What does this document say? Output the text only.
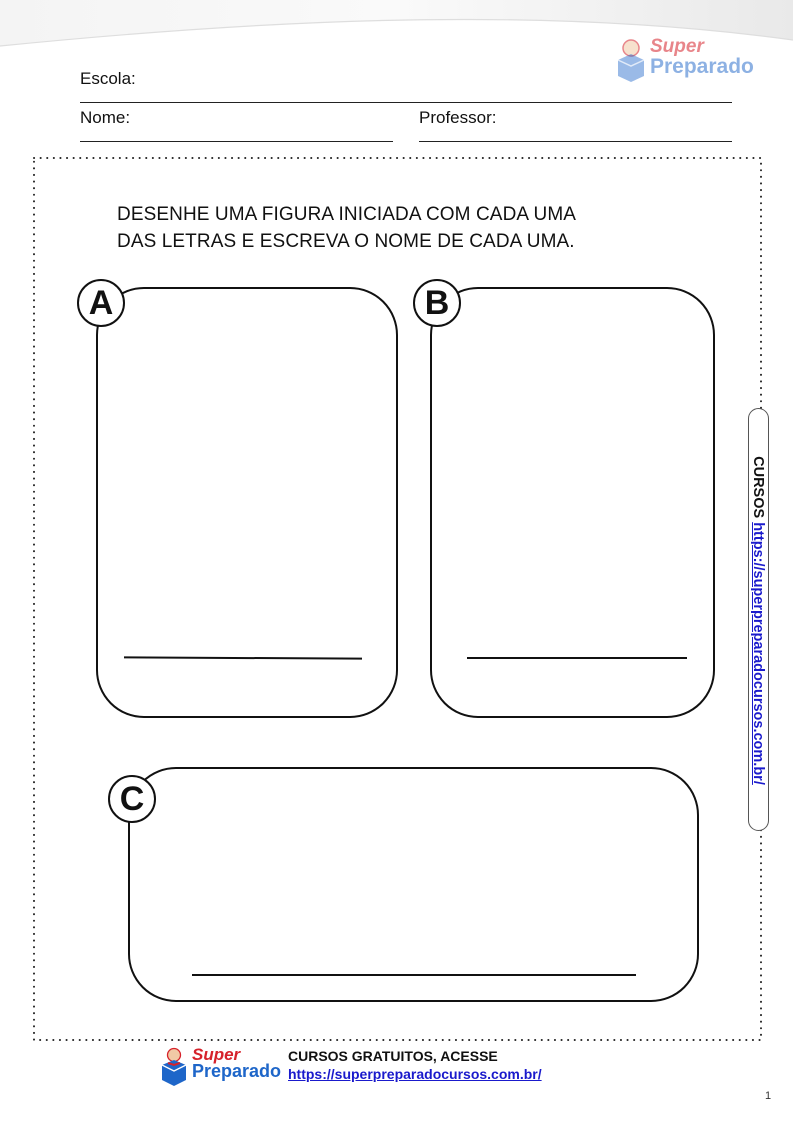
Super
Preparado
Escola:
Nome:	Professor:
DESENHE UMA FIGURA INICIADA COM CADA UMA
DAS LETRAS E ESCREVA O NOME DE CADA UMA.
A	B
C
CURSOS
https://superpreparadocursos.com.br/
Super
Preparado
CURSOS GRATUITOS, ACESSE
https://superpreparadocursos.com.br/
1
